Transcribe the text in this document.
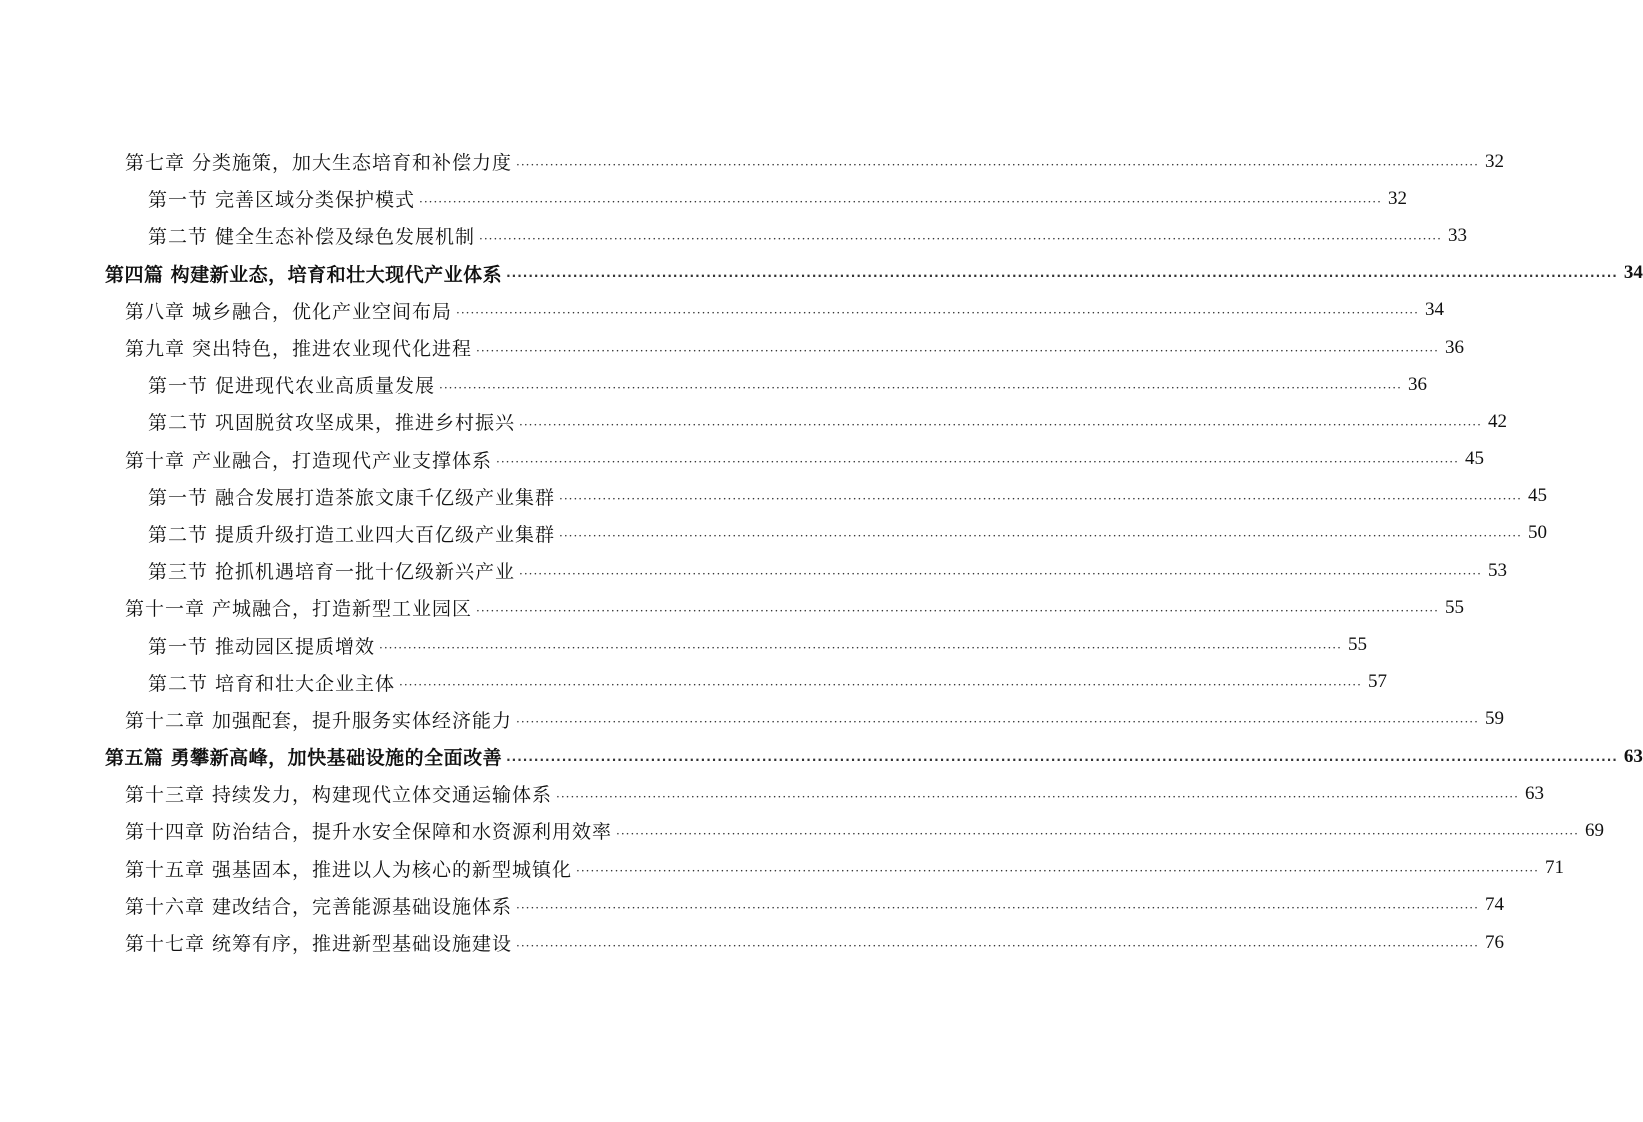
第七章 分类施策，加大生态培育和补偿力度 ········································································································································································································ 32
第一节 完善区域分类保护模式 ········································································································································································································ 32
第二节 健全生态补偿及绿色发展机制 ········································································································································································································ 33
第四篇 构建新业态，培育和壮大现代产业体系 ········································································································································································································ 34
第八章 城乡融合，优化产业空间布局 ········································································································································································································ 34
第九章 突出特色，推进农业现代化进程 ········································································································································································································ 36
第一节 促进现代农业高质量发展 ········································································································································································································ 36
第二节 巩固脱贫攻坚成果，推进乡村振兴 ········································································································································································································ 42
第十章 产业融合，打造现代产业支撑体系 ········································································································································································································ 45
第一节 融合发展打造茶旅文康千亿级产业集群 ········································································································································································································ 45
第二节 提质升级打造工业四大百亿级产业集群 ········································································································································································································ 50
第三节 抢抓机遇培育一批十亿级新兴产业 ········································································································································································································ 53
第十一章 产城融合，打造新型工业园区 ········································································································································································································ 55
第一节 推动园区提质增效 ········································································································································································································ 55
第二节 培育和壮大企业主体 ········································································································································································································ 57
第十二章 加强配套，提升服务实体经济能力 ········································································································································································································ 59
第五篇 勇攀新高峰，加快基础设施的全面改善 ········································································································································································································ 63
第十三章 持续发力，构建现代立体交通运输体系 ········································································································································································································ 63
第十四章 防治结合，提升水安全保障和水资源利用效率 ········································································································································································································ 69
第十五章 强基固本，推进以人为核心的新型城镇化 ········································································································································································································ 71
第十六章 建改结合，完善能源基础设施体系 ········································································································································································································ 74
第十七章 统筹有序，推进新型基础设施建设 ········································································································································································································ 76
